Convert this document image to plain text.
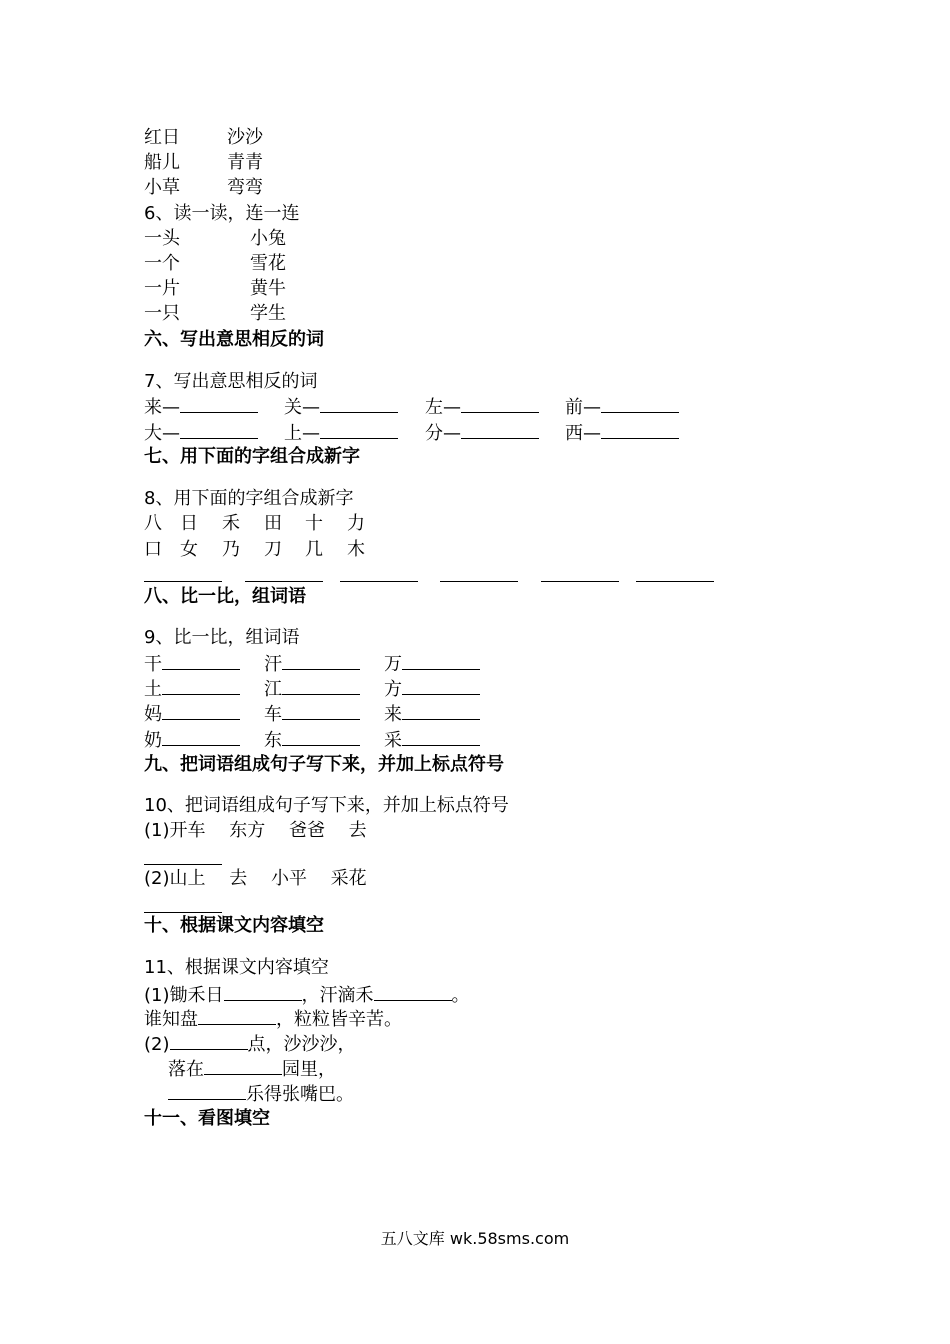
红日	沙沙
船儿	青青
小草	弯弯
6、读一读，连一连
一头	小兔
一个	雪花
一片	黄牛
一只	学生
六、写出意思相反的词
7、写出意思相反的词
来—	关—	左—	前—
大—	上—	分—	西—
七、用下面的字组合成新字
8、用下面的字组合成新字
八 日 禾 田 十 力
口 女 乃 刀 几 木
八、比一比，组词语
9、比一比，组词语
干	汗	万
土	江	方
妈	车	来
奶	东	采
九、把词语组成句子写下来，并加上标点符号
10、把词语组成句子写下来，并加上标点符号
(1)开车　 东方　 爸爸　 去
(2)山上　 去　 小平　 采花
十、根据课文内容填空
11、根据课文内容填空
(1)锄禾日	，汗滴禾	。
谁知盘	，粒粒皆辛苦。
(2)	点，沙沙沙，
落在	园里，
乐得张嘴巴。
十一、看图填空
五八文库 wk.58sms.com
